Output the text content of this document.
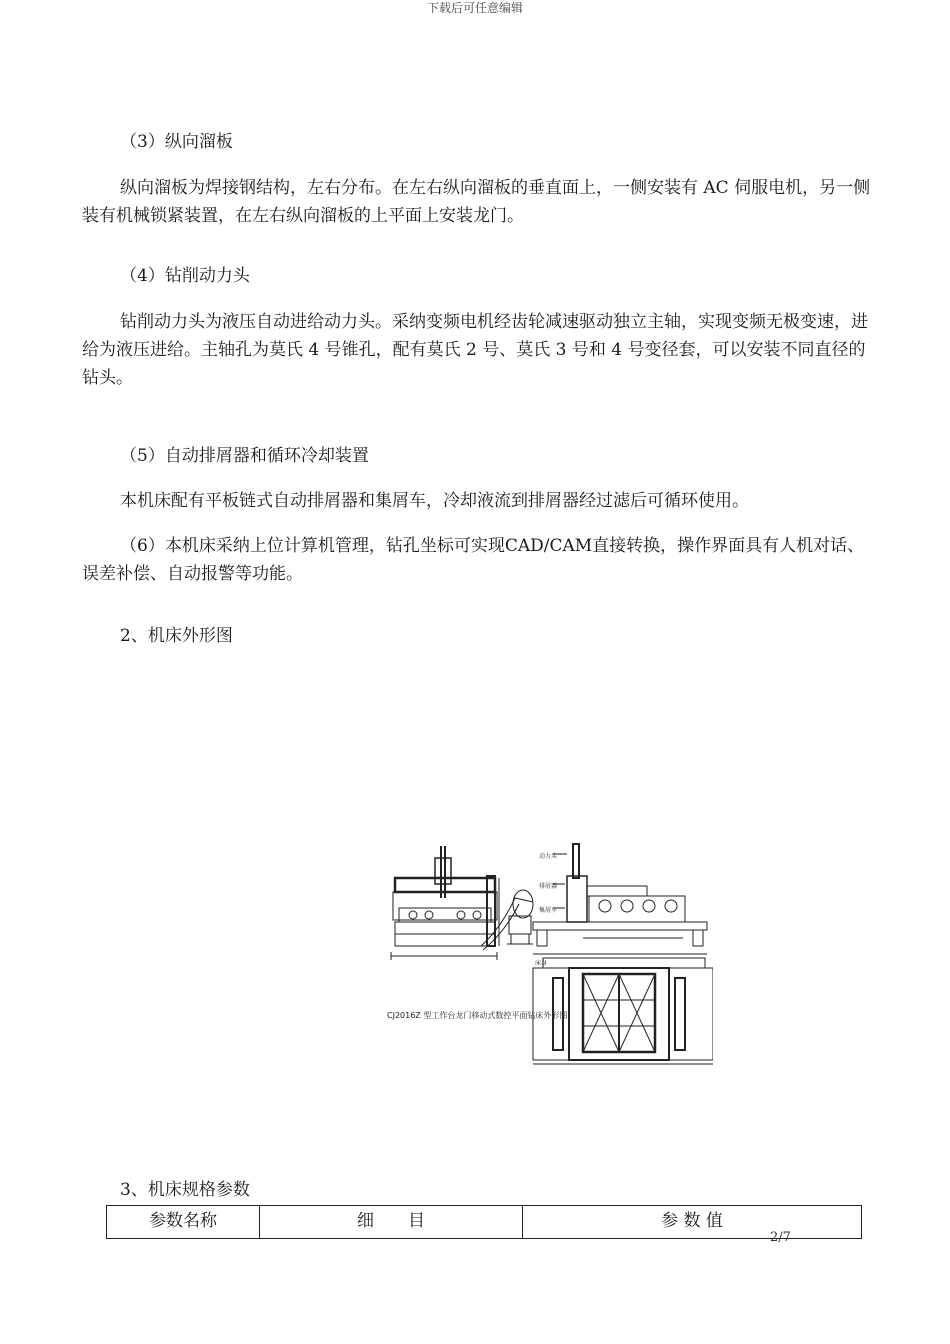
下载后可任意编辑

（3）纵向溜板

纵向溜板为焊接钢结构，左右分布。在左右纵向溜板的垂直面上，一侧安装有 AC 伺服电机，另一侧装有机械锁紧装置，在左右纵向溜板的上平面上安装龙门。

（4）钻削动力头

钻削动力头为液压自动进给动力头。采纳变频电机经齿轮减速驱动独立主轴，实现变频无极变速，进给为液压进给。主轴孔为莫氏 4 号锥孔，配有莫氏 2 号、莫氏 3 号和 4 号变径套，可以安装不同直径的钻头。

（5）自动排屑器和循环冷却装置

本机床配有平板链式自动排屑器和集屑车，冷却液流到排屑器经过滤后可循环使用。

（6）本机床采纳上位计算机管理，钻孔坐标可实现CAD/CAM直接转换，操作界面具有人机对话、误差补偿、自动报警等功能。

2、机床外形图

CJ2016Z 型工作台龙门移动式数控平面钻床外形图
动力头
排屑器
集屑车
床身

3、机床规格参数

参数名称	细　　目	参 数 值
2/7
